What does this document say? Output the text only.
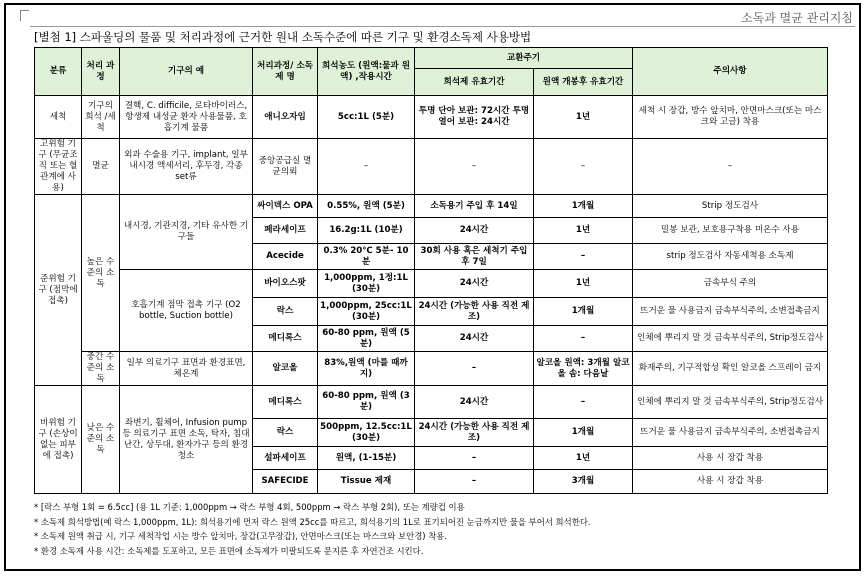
소독과 멸균 관리지침
[별첨 1] 스파울딩의 물품 및 처리과정에 근거한 원내 소독수준에 따른 기구 및 환경소독제 사용방법
분류	처리 과정	기구의 예	처리과정/ 소독제 명	희석농도 (원액:물과 원액) ,작용시간	교환주기		주의사항
					희석제 유효기간	원액 개봉후 유효기간	
세척	기구의 희석 /세척	결핵, C. difficile, 로타바이러스, 항생제 내성균 환자 사용물품, 호흡기계 물품	애니오자임	5cc:1L (5분)	투명 단아 보관: 72시간 투명 열어 보관: 24시간	1년	세척 시 장갑, 방수 앞치마, 안면마스크(또는 마스크와 고글) 착용
고위험 기구 (무균조직 또는 혈관계에 사용)	멸균	외과 수술용 기구, implant, 일부 내시경 액세서리, 후두경, 각종 set류	중앙공급실 멸균의뢰	–	–	–	–
준위험 기구 (점막에 접촉)	높은 수준의 소독	내시경, 기관지경, 기타 유사한 기구들	싸이덱스 OPA	0.55%, 원액 (5분)	소독용기 주입 후 14일	1개월	Strip 정도검사
			페라세이프	16.2g:1L (10분)	24시간	1년	밀봉 보관, 보호용구착용 미온수 사용
			Acecide	0.3% 20℃ 5분- 10분	30회 사용 혹은 세척기 주입 후 7일	–	strip 정도검사 자동세척용 소독제
		호흡기계 점막 접촉 기구 (O2 bottle, Suction bottle)	바이오스팟	1,000ppm, 1정:1L (30분)	24시간	1년	금속부식 주의
			락스	1,000ppm, 25cc:1L (30분)	24시간 (가능한 사용 직전 제조)	1개월	뜨거운 물 사용금지 금속부식주의, 소변접촉금지
			메디록스	60-80 ppm, 원액 (5분)	24시간	–	인체에 뿌리지 말 것 금속부식주의, Strip정도검사
	중간 수준의 소독	일부 의료기구 표면과 환경표면, 체온계	알코올	83%,원액 (마를 때까지)	–	알코올 원액: 3개월 알코올 솜: 다음날	화재주의, 기구적합성 확인 알코올 스프레이 금지
비위험 기구 (손상이 없는 피부에 접촉)	낮은 수준의 소독	좌변기, 휠체어, Infusion pump 등 의료기구 표면 소독, 탁자, 침대난간, 상두대, 환자가구 등의 환경청소	메디록스	60-80 ppm, 원액 (3분)	24시간	–	인체에 뿌리지 말 것 금속부식주의, Strip정도검사
			락스	500ppm, 12.5cc:1L (30분)	24시간 (가능한 사용 직전 제조)	1개월	뜨거운 물 사용금지 금속부식주의, 소변접촉금지
			설파세이프	원액, (1-15분)	–	1년	사용 시 장갑 착용
			SAFECIDE	Tissue 제재	–	3개월	사용 시 장갑 착용
* [락스 부형 1회 = 6.5cc] (용 1L 기준: 1,000ppm → 락스 부형 4회, 500ppm → 락스 부형 2회), 또는 계량컵 이용
* 소독제 희석방법(예 락스 1,000ppm, 1L): 희석용기에 먼저 락스 원액 25cc를 따르고, 희석용기의 1L로 표기되어진 눈금까지만 물을 부어서 희석한다.
* 소독제 원액 취급 시, 기구 세척작업 시는 방수 앞치마, 장갑(고무장갑), 안면마스크(또는 마스크와 보안경) 착용.
* 환경 소독제 사용 시간: 소독제를 도포하고, 모든 표면에 소독제가 미팔되도록 문지른 후 자연건조 시킨다.
